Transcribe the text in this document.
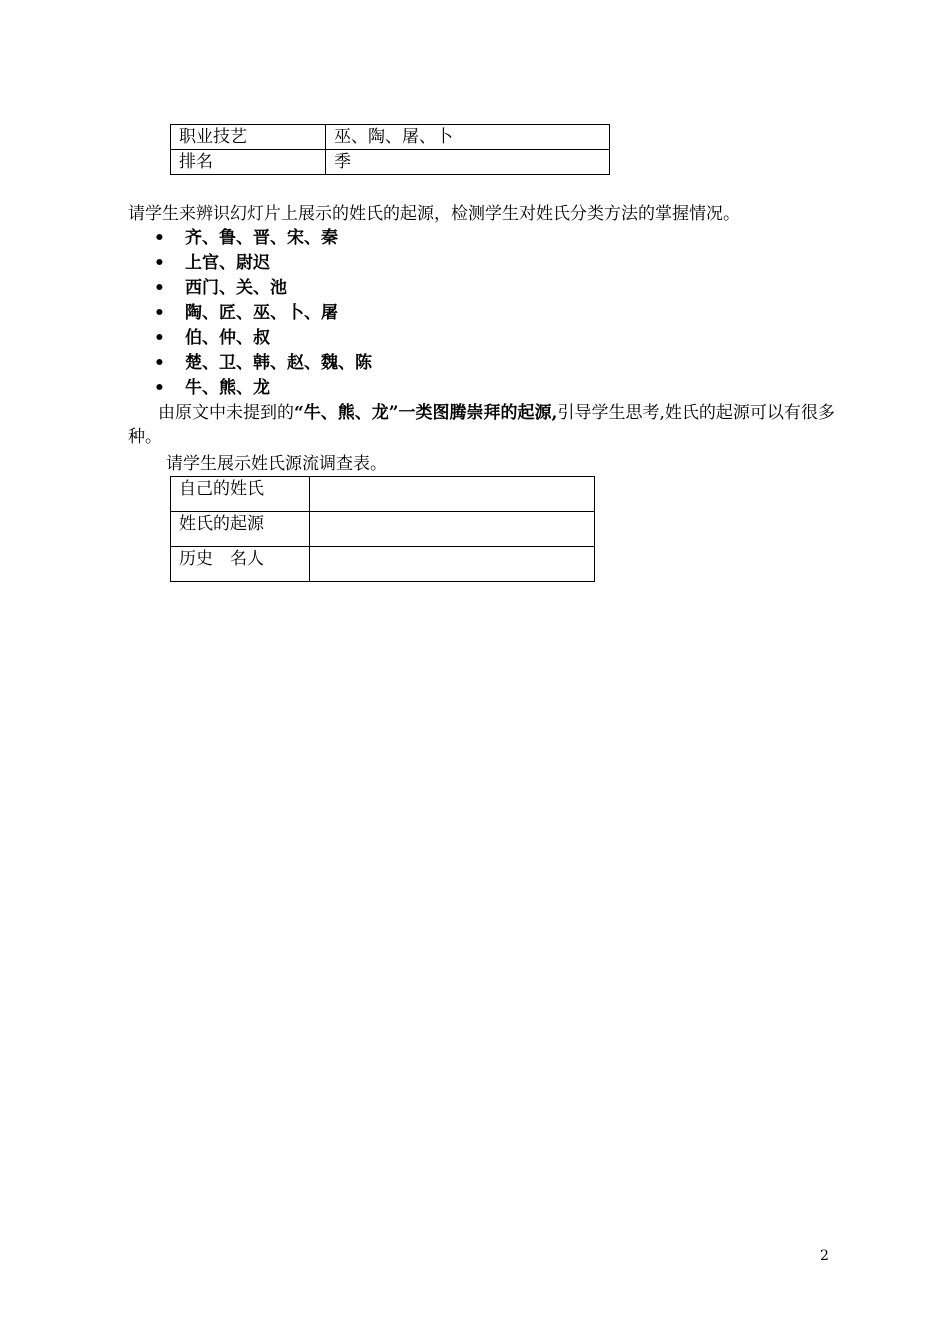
职业技艺	巫、陶、屠、卜
排名	季

请学生来辨识幻灯片上展示的姓氏的起源，检测学生对姓氏分类方法的掌握情况。

• 齐、鲁、晋、宋、秦
• 上官、尉迟
• 西门、关、池
• 陶、匠、巫、卜、屠
• 伯、仲、叔
• 楚、卫、韩、赵、魏、陈
• 牛、熊、龙

由原文中未提到的“牛、熊、龙”一类图腾崇拜的起源,引导学生思考,姓氏的起源可以有很多种。

请学生展示姓氏源流调查表。

自己的姓氏	
姓氏的起源	
历史　名人	
2
